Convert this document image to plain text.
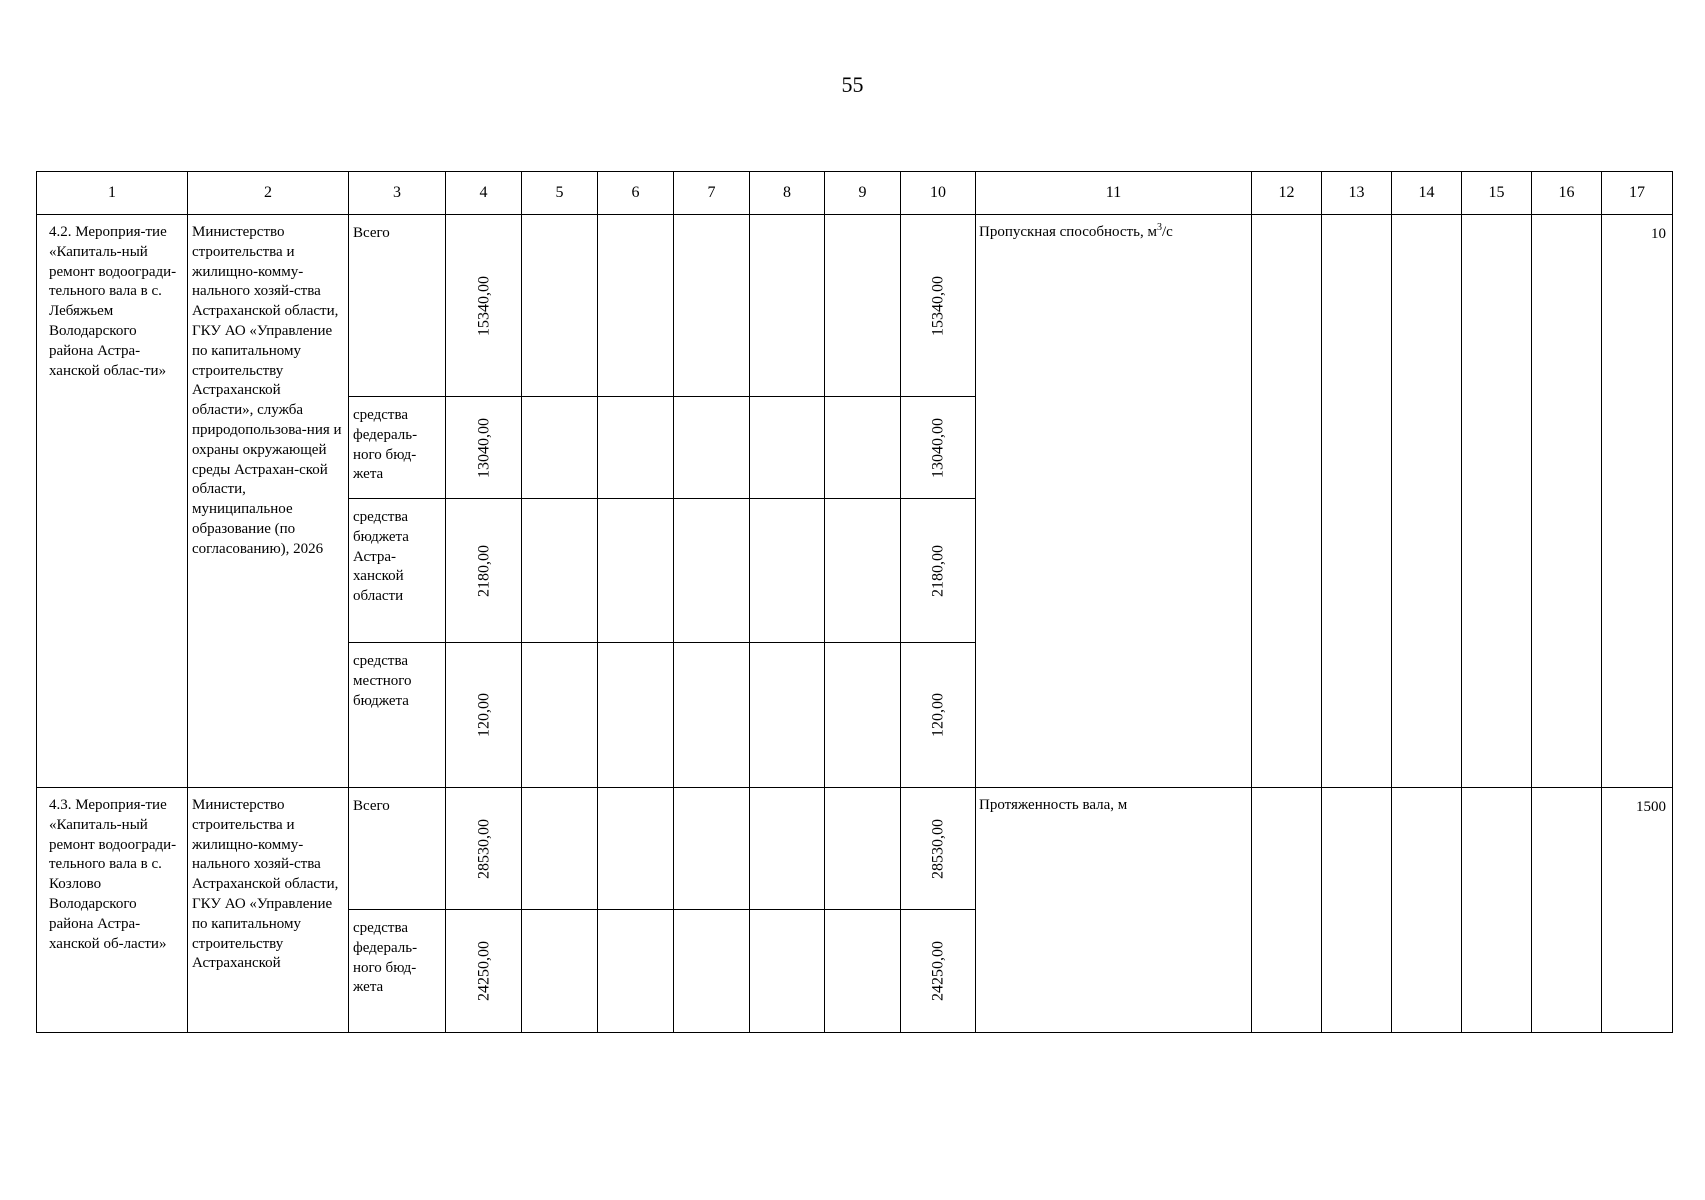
55
1	2	3	4	5	6	7	8	9	10	11	12	13	14	15	16	17

4.2. Мероприя-тие «Капиталь-ный ремонт водоогради-тельного вала в с. Лебяжьем Володарского района Астра-ханской облас-ти»	Министерство строительства и жилищно-комму-нального хозяй-ства Астраханской области, ГКУ АО «Управление по капитальному строительству Астраханской области», служба природопользова-ния и охраны окружающей среды Астрахан-ской области, муниципальное образование (по согласованию), 2026	Всего	15340,00						15340,00	Пропускная способность, $м^3/с$						10

		средства федераль-ного бюд-жета	13040,00						13040,00							

		средства бюджета Астра-ханской области	2180,00						2180,00							

		средства местного бюджета	120,00						120,00							

4.3. Мероприя-тие «Капиталь-ный ремонт водоогради-тельного вала в с. Козлово Володарского района Астра-ханской об-ласти»	Министерство строительства и жилищно-комму-нального хозяй-ства Астраханской области, ГКУ АО «Управление по капитальному строительству Астраханской	Всего	28530,00						28530,00	Протяженность вала, м						1500

		средства федераль-ного бюд-жета	24250,00						24250,00							
